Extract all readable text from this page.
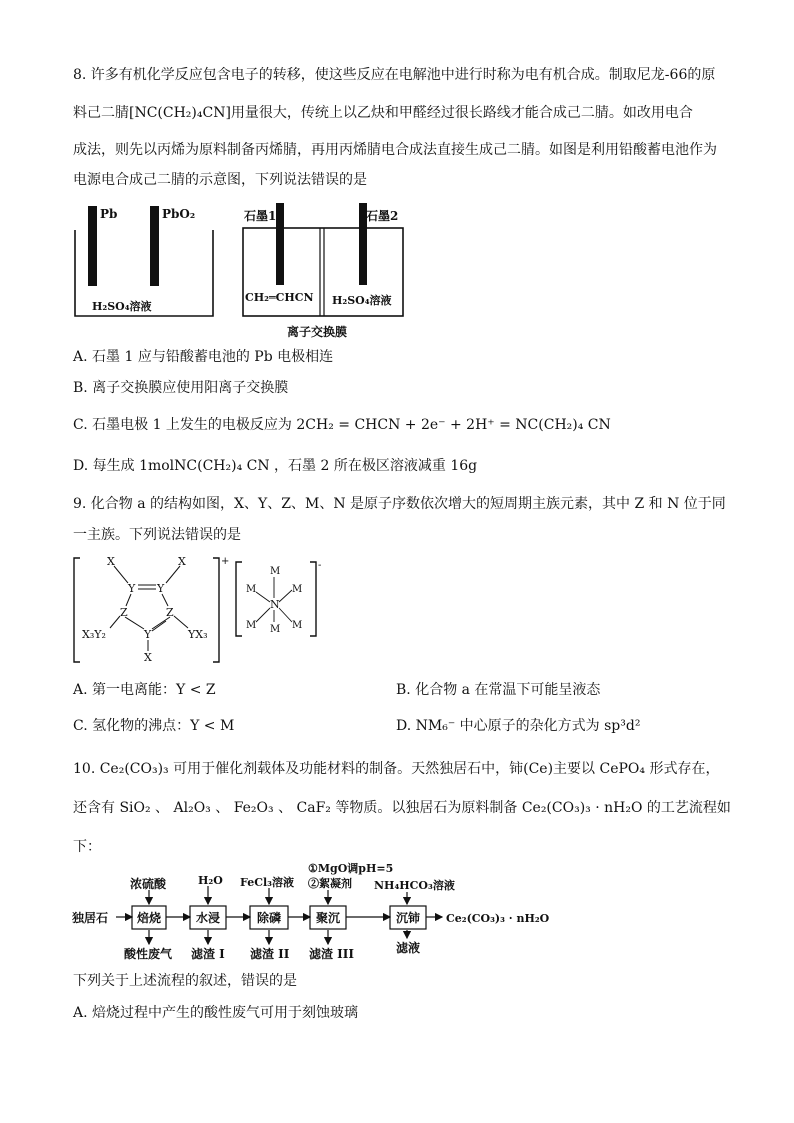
8. 许多有机化学反应包含电子的转移，使这些反应在电解池中进行时称为电有机合成。制取尼龙-66的原
料己二腈[NC(CH₂)₄CN]用量很大，传统上以乙炔和甲醛经过很长路线才能合成己二腈。如改用电合
成法，则先以丙烯为原料制备丙烯腈，再用丙烯腈电合成法直接生成己二腈。如图是利用铅酸蓄电池作为
电源电合成己二腈的示意图，下列说法错误的是
Pb	PbO₂
H₂SO₄溶液
石墨1	石墨2
CH₂═CHCN H₂SO₄溶液
离子交换膜
A. 石墨 1 应与铅酸蓄电池的 Pb 电极相连
B. 离子交换膜应使用阳离子交换膜
C. 石墨电极 1 上发生的电极反应为 2CH₂ = CHCN + 2e⁻ + 2H⁺ = NC(CH₂)₄ CN
D. 每生成 1molNC(CH₂)₄ CN ，石墨 2 所在极区溶液减重 16g
9. 化合物 a 的结构如图，X、Y、Z、M、N 是原子序数依次增大的短周期主族元素，其中 Z 和 N 位于同
一主族。下列说法错误的是
+
X	X
Y Y
Z	Z
X₃Y₂	YX₃
Y
X
-
N
M
M
M	M
M	M
A. 第一电离能：Y < Z	B. 化合物 a 在常温下可能呈液态
C. 氢化物的沸点：Y < M	D. NM₆⁻ 中心原子的杂化方式为 sp³d²
10. Ce₂(CO₃)₃ 可用于催化剂载体及功能材料的制备。天然独居石中，铈(Ce)主要以 CePO₄ 形式存在，
还含有 SiO₂ 、 Al₂O₃ 、 Fe₂O₃ 、 CaF₂ 等物质。以独居石为原料制备 Ce₂(CO₃)₃ · nH₂O 的工艺流程如
下：
独居石 焙烧	水浸	除磷	聚沉	沉铈 Ce₂(CO₃)₃ · nH₂O
浓硫酸	H₂O FeCl₃溶液
①MgO调pH=5
②絮凝剂 NH₄HCO₃溶液
酸性废气 滤渣 I 滤渣 II 滤渣 III	滤液
下列关于上述流程的叙述，错误的是
A. 焙烧过程中产生的酸性废气可用于刻蚀玻璃
